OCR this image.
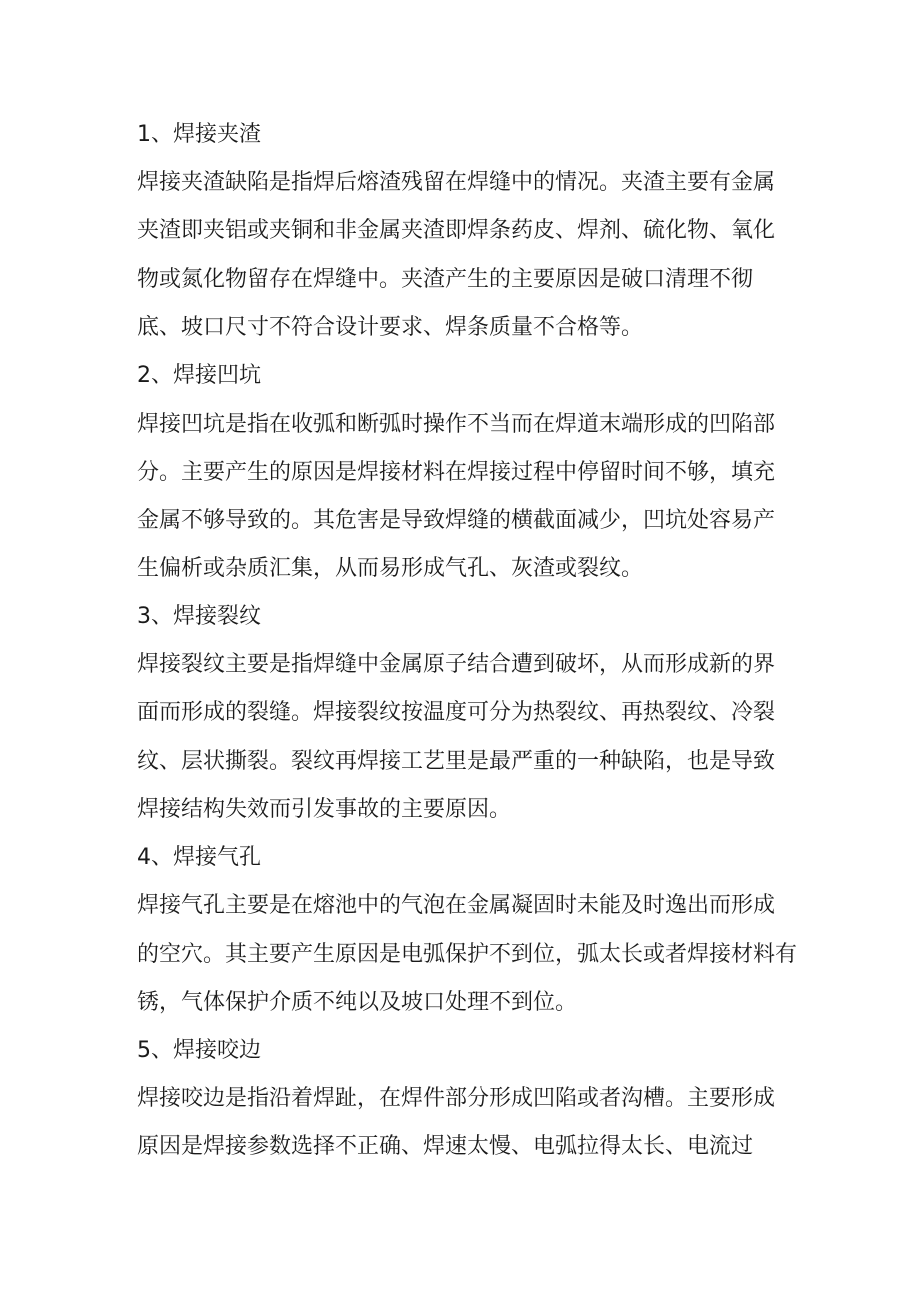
1、焊接夹渣
焊接夹渣缺陷是指焊后熔渣残留在焊缝中的情况。夹渣主要有金属
夹渣即夹铝或夹铜和非金属夹渣即焊条药皮、焊剂、硫化物、氧化
物或氮化物留存在焊缝中。夹渣产生的主要原因是破口清理不彻
底、坡口尺寸不符合设计要求、焊条质量不合格等。
2、焊接凹坑
焊接凹坑是指在收弧和断弧时操作不当而在焊道末端形成的凹陷部
分。主要产生的原因是焊接材料在焊接过程中停留时间不够，填充
金属不够导致的。其危害是导致焊缝的横截面减少，凹坑处容易产
生偏析或杂质汇集，从而易形成气孔、灰渣或裂纹。
3、焊接裂纹
焊接裂纹主要是指焊缝中金属原子结合遭到破坏，从而形成新的界
面而形成的裂缝。焊接裂纹按温度可分为热裂纹、再热裂纹、冷裂
纹、层状撕裂。裂纹再焊接工艺里是最严重的一种缺陷，也是导致
焊接结构失效而引发事故的主要原因。
4、焊接气孔
焊接气孔主要是在熔池中的气泡在金属凝固时未能及时逸出而形成
的空穴。其主要产生原因是电弧保护不到位，弧太长或者焊接材料有
锈，气体保护介质不纯以及坡口处理不到位。
5、焊接咬边
焊接咬边是指沿着焊趾，在焊件部分形成凹陷或者沟槽。主要形成
原因是焊接参数选择不正确、焊速太慢、电弧拉得太长、电流过
